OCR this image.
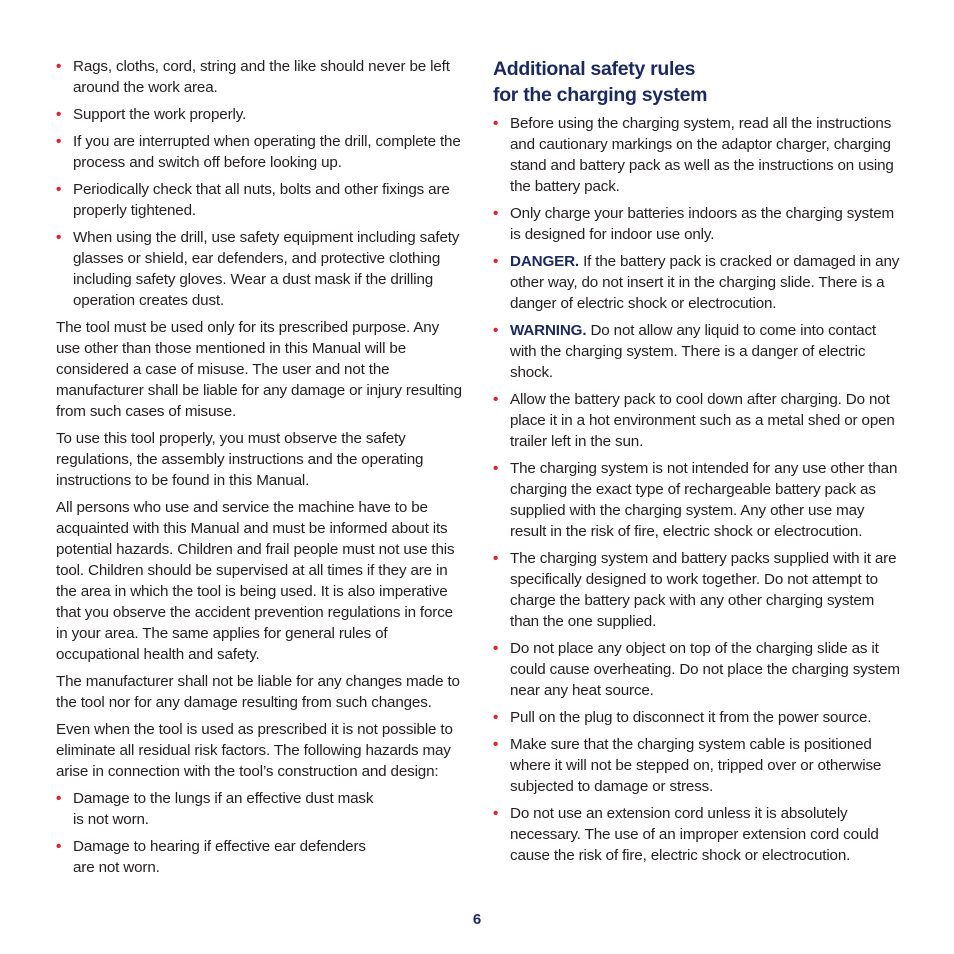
• Rags, cloths, cord, string and the like should never be left around the work area.
• Support the work properly.
• If you are interrupted when operating the drill, complete the process and switch off before looking up.
• Periodically check that all nuts, bolts and other fixings are properly tightened.
• When using the drill, use safety equipment including safety glasses or shield, ear defenders, and protective clothing including safety gloves. Wear a dust mask if the drilling operation creates dust.

The tool must be used only for its prescribed purpose. Any use other than those mentioned in this Manual will be considered a case of misuse. The user and not the manufacturer shall be liable for any damage or injury resulting from such cases of misuse.

To use this tool properly, you must observe the safety regulations, the assembly instructions and the operating instructions to be found in this Manual.

All persons who use and service the machine have to be acquainted with this Manual and must be informed about its potential hazards. Children and frail people must not use this tool. Children should be supervised at all times if they are in the area in which the tool is being used. It is also imperative that you observe the accident prevention regulations in force in your area. The same applies for general rules of occupational health and safety.

The manufacturer shall not be liable for any changes made to the tool nor for any damage resulting from such changes.

Even when the tool is used as prescribed it is not possible to eliminate all residual risk factors. The following hazards may arise in connection with the tool’s construction and design:

• Damage to the lungs if an effective dust mask is not worn.
• Damage to hearing if effective ear defenders are not worn.
Additional safety rules
for the charging system
• Before using the charging system, read all the instructions and cautionary markings on the adaptor charger, charging stand and battery pack as well as the instructions on using the battery pack.
• Only charge your batteries indoors as the charging system is designed for indoor use only.
• DANGER. If the battery pack is cracked or damaged in any other way, do not insert it in the charging slide. There is a danger of electric shock or electrocution.
• WARNING. Do not allow any liquid to come into contact with the charging system. There is a danger of electric shock.
• Allow the battery pack to cool down after charging. Do not place it in a hot environment such as a metal shed or open trailer left in the sun.
• The charging system is not intended for any use other than charging the exact type of rechargeable battery pack as supplied with the charging system. Any other use may result in the risk of fire, electric shock or electrocution.
• The charging system and battery packs supplied with it are specifically designed to work together. Do not attempt to charge the battery pack with any other charging system than the one supplied.
• Do not place any object on top of the charging slide as it could cause overheating. Do not place the charging system near any heat source.
• Pull on the plug to disconnect it from the power source.
• Make sure that the charging system cable is positioned where it will not be stepped on, tripped over or otherwise subjected to damage or stress.
• Do not use an extension cord unless it is absolutely necessary. The use of an improper extension cord could cause the risk of fire, electric shock or electrocution.
6
